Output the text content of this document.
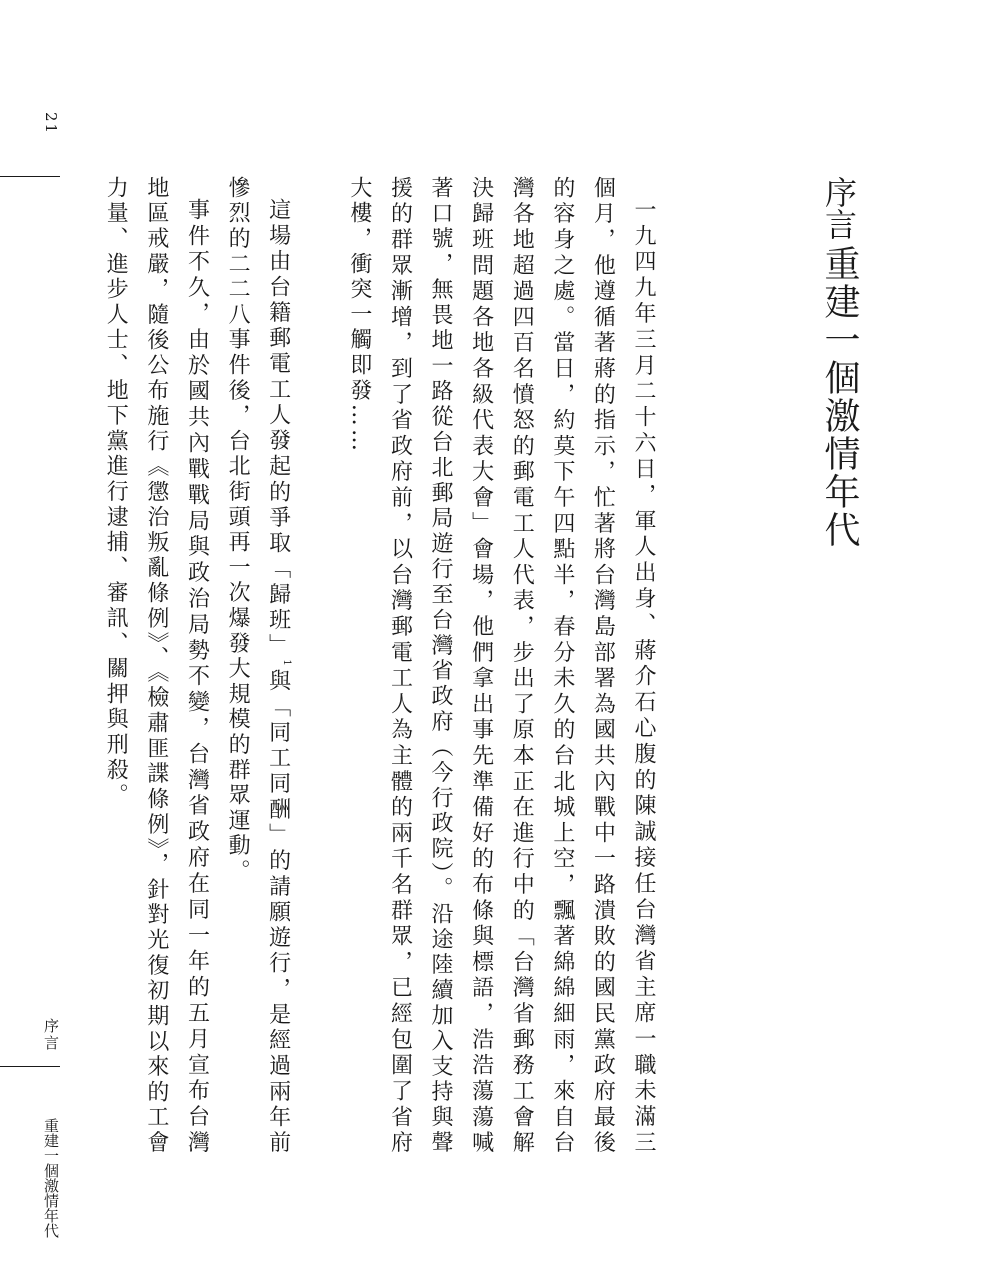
21
序言
重建一個激情年代
序言 重建一個激情年代

一九四九年三月二十六日，軍人出身、蔣介石心腹的陳誠接任台灣省主席一職未滿三個月，他遵循著蔣的指示，忙著將台灣島部署為國共內戰中一路潰敗的國民黨政府最後的容身之處。當日，約莫下午四點半，春分未久的台北城上空，飄著綿綿細雨，來自台灣各地超過四百名憤怒的郵電工人代表，步出了原本正在進行中的「台灣省郵務工會解決歸班問題各地各級代表大會」會場，他們拿出事先準備好的布條與標語，浩浩蕩蕩喊著口號，無畏地一路從台北郵局遊行至台灣省政府（今行政院）。沿途陸續加入支持與聲援的群眾漸增，到了省政府前，以台灣郵電工人為主體的兩千名群眾，已經包圍了省府大樓，衝突一觸即發……

這場由台籍郵電工人發起的爭取「歸班」$^1$與「同工同酬」的請願遊行，是經過兩年前慘烈的二二八事件後，台北街頭再一次爆發大規模的群眾運動。

事件不久，由於國共內戰戰局與政治局勢不變，台灣省政府在同一年的五月宣布台灣地區戒嚴，隨後公布施行《懲治叛亂條例》、《檢肅匪諜條例》，針對光復初期以來的工會力量、進步人士、地下黨進行逮捕、審訊、關押與刑殺。
